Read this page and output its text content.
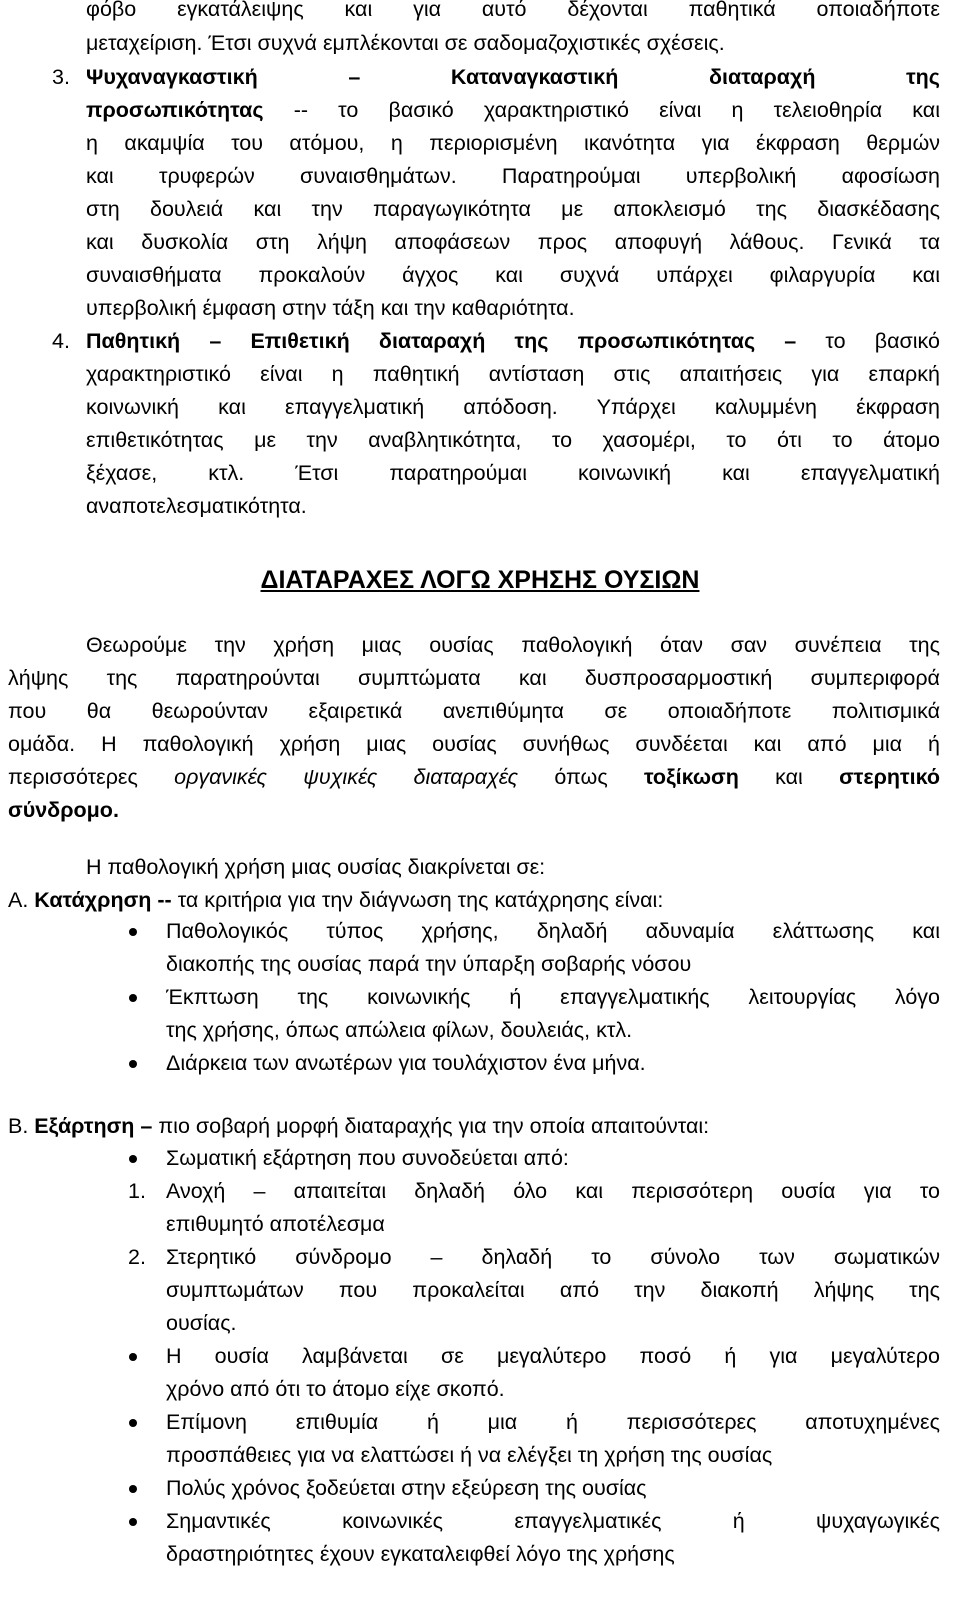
φόβο εγκατάλειψης και για αυτό δέχονται παθητικά οποιαδήποτε

μεταχείριση. Έτσι συχνά εμπλέκονται σε σαδομαζοχιστικές σχέσεις.

3. Ψυχαναγκαστική	–	Καταναγκαστική	διαταραχή	της

προσωπικότητας -- το βασικό χαρακτηριστικό είναι η τελειοθηρία και

η ακαμψία του ατόμου, η περιορισμένη ικανότητα για έκφραση θερμών

και τρυφερών συναισθημάτων. Παρατηρούμαι υπερβολική αφοσίωση

στη δουλειά και την παραγωγικότητα με αποκλεισμό της διασκέδασης

και δυσκολία στη λήψη αποφάσεων προς αποφυγή λάθους. Γενικά τα

συναισθήματα προκαλούν άγχος και συχνά υπάρχει φιλαργυρία και

υπερβολική έμφαση στην τάξη και την καθαριότητα.

4. Παθητική – Επιθετική διαταραχή της προσωπικότητας – το βασικό

χαρακτηριστικό είναι η παθητική αντίσταση στις απαιτήσεις για επαρκή

κοινωνική και επαγγελματική απόδοση. Υπάρχει καλυμμένη έκφραση

επιθετικότητας με την αναβλητικότητα, το χασομέρι, το ότι το άτομο

ξέχασε, κτλ. Έτσι παρατηρούμαι κοινωνική και επαγγελματική

αναποτελεσματικότητα.

ΔΙΑΤΑΡΑΧΕΣ ΛΟΓΩ ΧΡΗΣΗΣ ΟΥΣΙΩΝ

Θεωρούμε την χρήση μιας ουσίας παθολογική όταν σαν συνέπεια της

λήψης της παρατηρούνται συμπτώματα και δυσπροσαρμοστική συμπεριφορά

που θα θεωρούνταν εξαιρετικά ανεπιθύμητα σε οποιαδήποτε πολιτισμικά

ομάδα. Η παθολογική χρήση μιας ουσίας συνήθως συνδέεται και από μια ή

περισσότερες οργανικές ψυχικές διαταραχές όπως τοξίκωση και στερητικό

σύνδρομο.

Η παθολογική χρήση μιας ουσίας διακρίνεται σε:

Α. Κατάχρηση -- τα κριτήρια για την διάγνωση της κατάχρησης είναι:

Παθολογικός τύπος χρήσης, δηλαδή αδυναμία ελάττωσης και

διακοπής της ουσίας παρά την ύπαρξη σοβαρής νόσου

Έκπτωση της κοινωνικής ή επαγγελματικής λειτουργίας λόγο

της χρήσης, όπως απώλεια φίλων, δουλειάς, κτλ.

Διάρκεια των ανωτέρων για τουλάχιστον ένα μήνα.

Β. Εξάρτηση – πιο σοβαρή μορφή διαταραχής για την οποία απαιτούνται:

Σωματική εξάρτηση που συνοδεύεται από:

1. Ανοχή – απαιτείται δηλαδή όλο και περισσότερη ουσία για το

επιθυμητό αποτέλεσμα

2. Στερητικό σύνδρομο – δηλαδή το σύνολο των σωματικών

συμπτωμάτων που προκαλείται από την διακοπή λήψης της

ουσίας.

Η ουσία λαμβάνεται σε μεγαλύτερο ποσό ή για μεγαλύτερο

χρόνο από ότι το άτομο είχε σκοπό.

Επίμονη επιθυμία ή μια ή περισσότερες αποτυχημένες

προσπάθειες για να ελαττώσει ή να ελέγξει τη χρήση της ουσίας

Πολύς χρόνος ξοδεύεται στην εξεύρεση της ουσίας

Σημαντικές κοινωνικές επαγγελματικές ή ψυχαγωγικές

δραστηριότητες έχουν εγκαταλειφθεί λόγο της χρήσης
